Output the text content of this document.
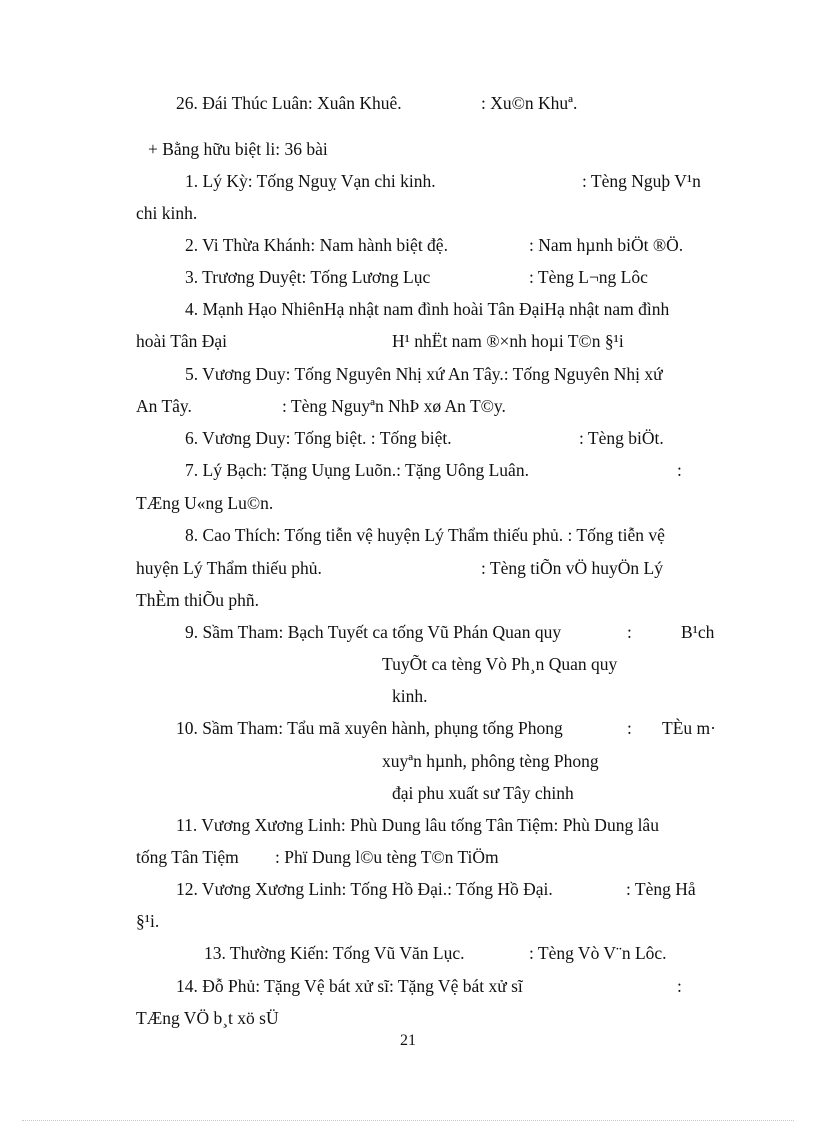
26. Đái Thúc Luân: Xuân Khuê.	: Xu©n Khuª.
+ Bằng hữu biệt li: 36 bài
1. Lý Kỳ: Tống Nguỵ Vạn chi kinh.	: Tèng Nguþ V¹n
chi kinh.
2. Vi Thừa Khánh: Nam hành biệt đệ.	: Nam hµnh biÖt ®Ö.
3. Trương Duyệt: Tống Lương Lục	: Tèng L¬ng Lôc
4. Mạnh Hạo NhiênHạ nhật nam đình hoài Tân ĐạiHạ nhật nam đình
hoài Tân Đại	H¹ nhËt nam ®×nh hoµi T©n §¹i
5. Vương Duy: Tống Nguyên Nhị xứ An Tây.: Tống Nguyên Nhị xứ
An Tây.	: Tèng Nguyªn NhÞ xø An T©y.
6. Vương Duy: Tống biệt. : Tống biệt.	: Tèng biÖt.
7. Lý Bạch: Tặng Uụng Luõn.: Tặng Uông Luân.	:
TÆng U«ng Lu©n.
8. Cao Thích: Tống tiễn vệ huyện Lý Thẩm thiếu phủ. : Tống tiễn vệ
huyện Lý Thẩm thiếu phủ.	: Tèng tiÕn vÖ huyÖn Lý
ThÈm thiÕu phñ.
9. Sầm Tham: Bạch Tuyết ca tống Vũ Phán Quan quy	:	B¹ch
TuyÕt ca tèng Vò Ph¸n Quan quy
kinh.
10. Sầm Tham: Tẩu mã xuyên hành, phụng tống Phong	: TÈu m·
xuyªn hµnh, phông tèng Phong
đại phu xuất sư Tây chinh
11. Vương Xương Linh: Phù Dung lâu tống Tân Tiệm: Phù Dung lâu
tống Tân Tiệm : Phï Dung l©u tèng T©n TiÖm
12. Vương Xương Linh: Tống Hồ Đại.: Tống Hồ Đại.	: Tèng Hå
§¹i.
13. Thường Kiến: Tống Vũ Văn Lục.	: Tèng Vò V¨n Lôc.
14. Đỗ Phủ: Tặng Vệ bát xử sĩ: Tặng Vệ bát xử sĩ	:
TÆng VÖ b¸t xö sÜ
21
